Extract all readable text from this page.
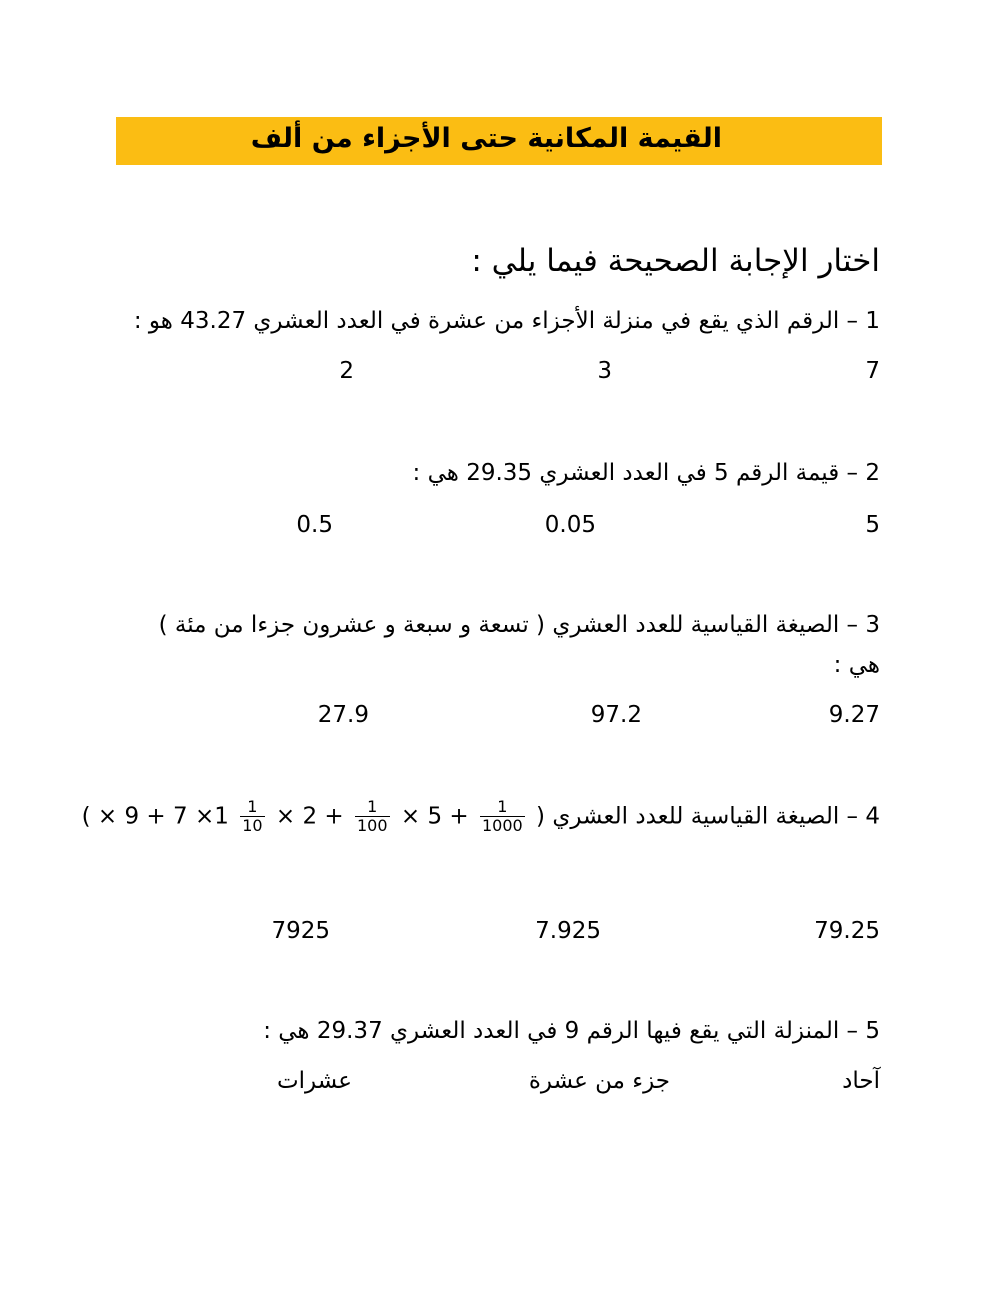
القيمة المكانية حتى الأجزاء من ألف
اختار الإجابة الصحيحة فيما يلي :
1 – الرقم الذي يقع في منزلة الأجزاء من عشرة في العدد العشري 43.27 هو :
7
3
2
2 – قيمة الرقم 5 في العدد العشري 29.35 هي :
5
0.05
0.5
3 – الصيغة القياسية للعدد العشري ( تسعة و سبعة و عشرون جزءا من مئة )
هي :
9.27
97.2
27.9
4 – الصيغة القياسية للعدد العشري (
$\frac{1}{1000}$
+ 5 ×
$\frac{1}{100}$
+ 2 ×
$\frac{1}{10}$
1× 7 + 9 × )
79.25
7.925
7925
5 – المنزلة التي يقع فيها الرقم 9 في العدد العشري 29.37 هي :
آحاد
جزء من عشرة
عشرات
